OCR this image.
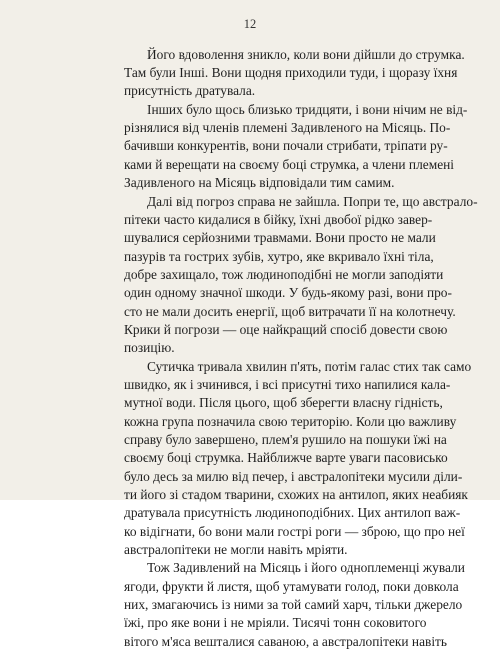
12

Його вдоволення зникло, коли вони дійшли до струмка.

Там були Інші. Вони щодня приходили туди, і щоразу їхня

присутність дратувала.

Інших було щось близько тридцяти, і вони нічим не від-

різнялися від членів племені Задивленого на Місяць. По-

бачивши конкурентів, вони почали стрибати, тріпати ру-

ками й верещати на своєму боці струмка, а члени племені

Задивленого на Місяць відповідали тим самим.

Далі від погроз справа не зайшла. Попри те, що австрало-

пітеки часто кидалися в бійку, їхні двобої рідко завер-

шувалися серйозними травмами. Вони просто не мали

пазурів та гострих зубів, хутро, яке вкривало їхні тіла,

добре захищало, тож людиноподібні не могли заподіяти

один одному значної шкоди. У будь-якому разі, вони про-

сто не мали досить енергії, щоб витрачати її на колотнечу.

Крики й погрози — оце найкращий спосіб довести свою

позицію.

Сутичка тривала хвилин п'ять, потім галас стих так само

швидко, як і зчинився, і всі присутні тихо напилися кала-

мутної води. Після цього, щоб зберегти власну гідність,

кожна група позначила свою територію. Коли цю важливу

справу було завершено, плем'я рушило на пошуки їжі на

своєму боці струмка. Найближче варте уваги пасовисько

було десь за милю від печер, і австралопітеки мусили діли-

ти його зі стадом тварини, схожих на антилоп, яких неабияк

дратувала присутність людиноподібних. Цих антилоп важ-

ко відігнати, бо вони мали гострі роги — зброю, що про неї

австралопітеки не могли навіть мріяти.

Тож Задивлений на Місяць і його одноплеменці жували

ягоди, фрукти й листя, щоб утамувати голод, поки довкола

них, змагаючись із ними за той самий харч, тільки джерело

їжі, про яке вони і не мріяли. Тисячі тонн соковитого

вітого м'яса вешталися саваною, а австралопітеки навіть
